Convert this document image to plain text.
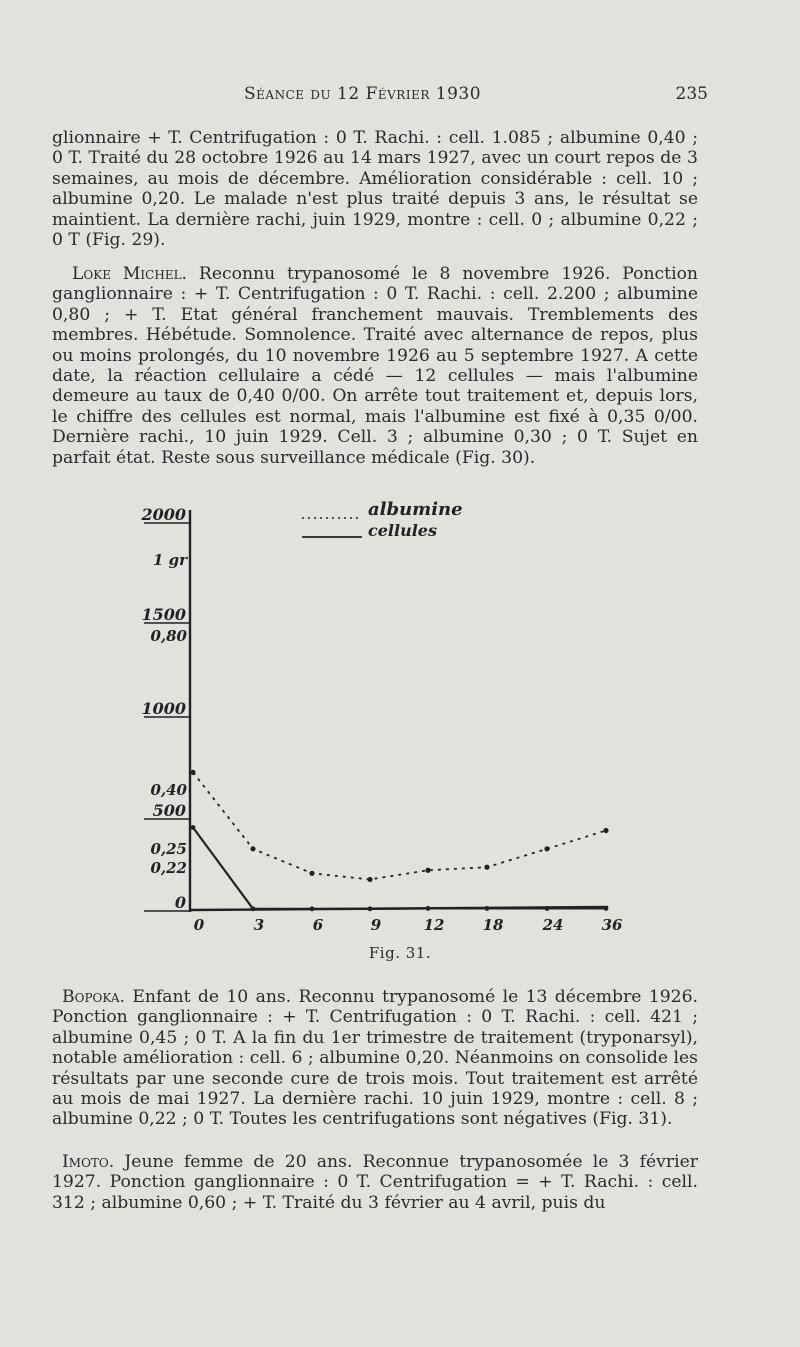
Séance du 12 Février 1930	235

glionnaire + T. Centrifugation : 0 T. Rachi. : cell. 1.085 ; albumine 0,40 ; 0 T. Traité du 28 octobre 1926 au 14 mars 1927, avec un court repos de 3 semaines, au mois de décembre. Amélioration considérable : cell. 10 ; albumine 0,20. Le malade n'est plus traité depuis 3 ans, le résultat se maintient. La dernière rachi, juin 1929, montre : cell. 0 ; albumine 0,22 ; 0 T (Fig. 29).

Loke Michel. Reconnu trypanosomé le 8 novembre 1926. Ponction ganglionnaire : + T. Centrifugation : 0 T. Rachi. : cell. 2.200 ; albumine 0,80 ; + T. Etat général franchement mauvais. Tremblements des membres. Hébétude. Somnolence. Traité avec alternance de repos, plus ou moins prolongés, du 10 novembre 1926 au 5 septembre 1927. A cette date, la réaction cellulaire a cédé — 12 cellules — mais l'albumine demeure au taux de 0,40 0/00. On arrête tout traitement et, depuis lors, le chiffre des cellules est normal, mais l'albumine est fixé à 0,35 0/00. Dernière rachi., 10 juin 1929. Cell. 3 ; albumine 0,30 ; 0 T. Sujet en parfait état. Reste sous surveillance médicale (Fig. 30).

albumine
cellules
2000
1500
1000
500
0
1 gr
0,80
0,40
0,25
0,22
0	3	6	9	12	18	24	36
Fig. 31.

Bopoka. Enfant de 10 ans. Reconnu trypanosomé le 13 décembre 1926. Ponction ganglionnaire : + T. Centrifugation : 0 T. Rachi. : cell. 421 ; albumine 0,45 ; 0 T. A la fin du 1er trimestre de traitement (tryponarsyl), notable amélioration : cell. 6 ; albumine 0,20. Néanmoins on consolide les résultats par une seconde cure de trois mois. Tout traitement est arrêté au mois de mai 1927. La dernière rachi. 10 juin 1929, montre : cell. 8 ; albumine 0,22 ; 0 T. Toutes les centrifugations sont négatives (Fig. 31).

Imoto. Jeune femme de 20 ans. Reconnue trypanosomée le 3 février 1927. Ponction ganglionnaire : 0 T. Centrifugation = + T. Rachi. : cell. 312 ; albumine 0,60 ; + T. Traité du 3 février au 4 avril, puis du
